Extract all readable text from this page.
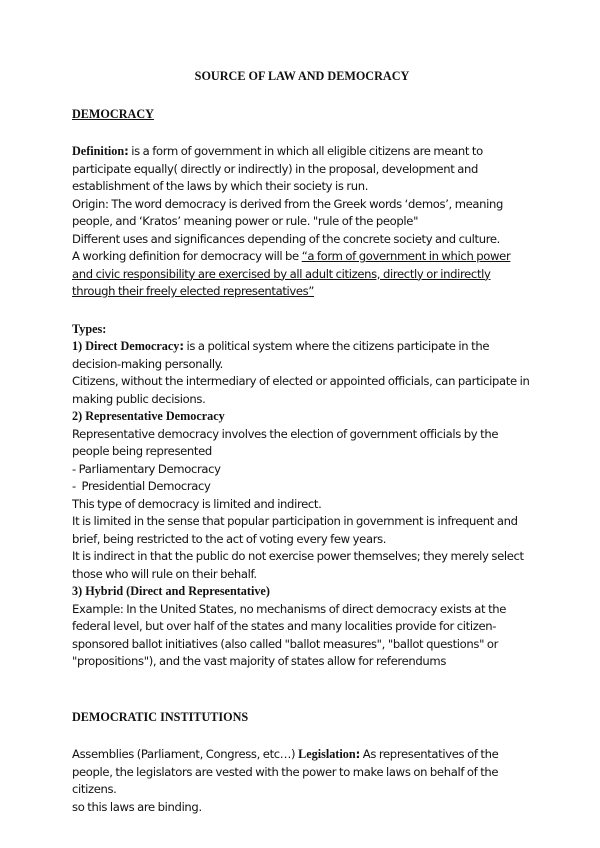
SOURCE OF LAW AND DEMOCRACY

DEMOCRACY

Definition: is a form of government in which all eligible citizens are meant to participate equally( directly or indirectly) in the proposal, development and establishment of the laws by which their society is run.

Origin: The word democracy is derived from the Greek words ‘demos’, meaning people, and ‘Kratos’ meaning power or rule. "rule of the people"

Different uses and significances depending of the concrete society and culture.

A working definition for democracy will be “a form of government in which power and civic responsibility are exercised by all adult citizens, directly or indirectly through their freely elected representatives”

Types:

1) Direct Democracy: is a political system where the citizens participate in the decision-making personally.

Citizens, without the intermediary of elected or appointed officials, can participate in making public decisions.

2) Representative Democracy

Representative democracy involves the election of government officials by the people being represented

- Parliamentary Democracy

-  Presidential Democracy

This type of democracy is limited and indirect.

It is limited in the sense that popular participation in government is infrequent and brief, being restricted to the act of voting every few years.

It is indirect in that the public do not exercise power themselves; they merely select those who will rule on their behalf.

3) Hybrid (Direct and Representative)

Example: In the United States, no mechanisms of direct democracy exists at the federal level, but over half of the states and many localities provide for citizen-sponsored ballot initiatives (also called "ballot measures", "ballot questions" or "propositions"), and the vast majority of states allow for referendums

DEMOCRATIC INSTITUTIONS

Assemblies (Parliament, Congress, etc…) Legislation: As representatives of the people, the legislators are vested with the power to make laws on behalf of the citizens.

so this laws are binding.
